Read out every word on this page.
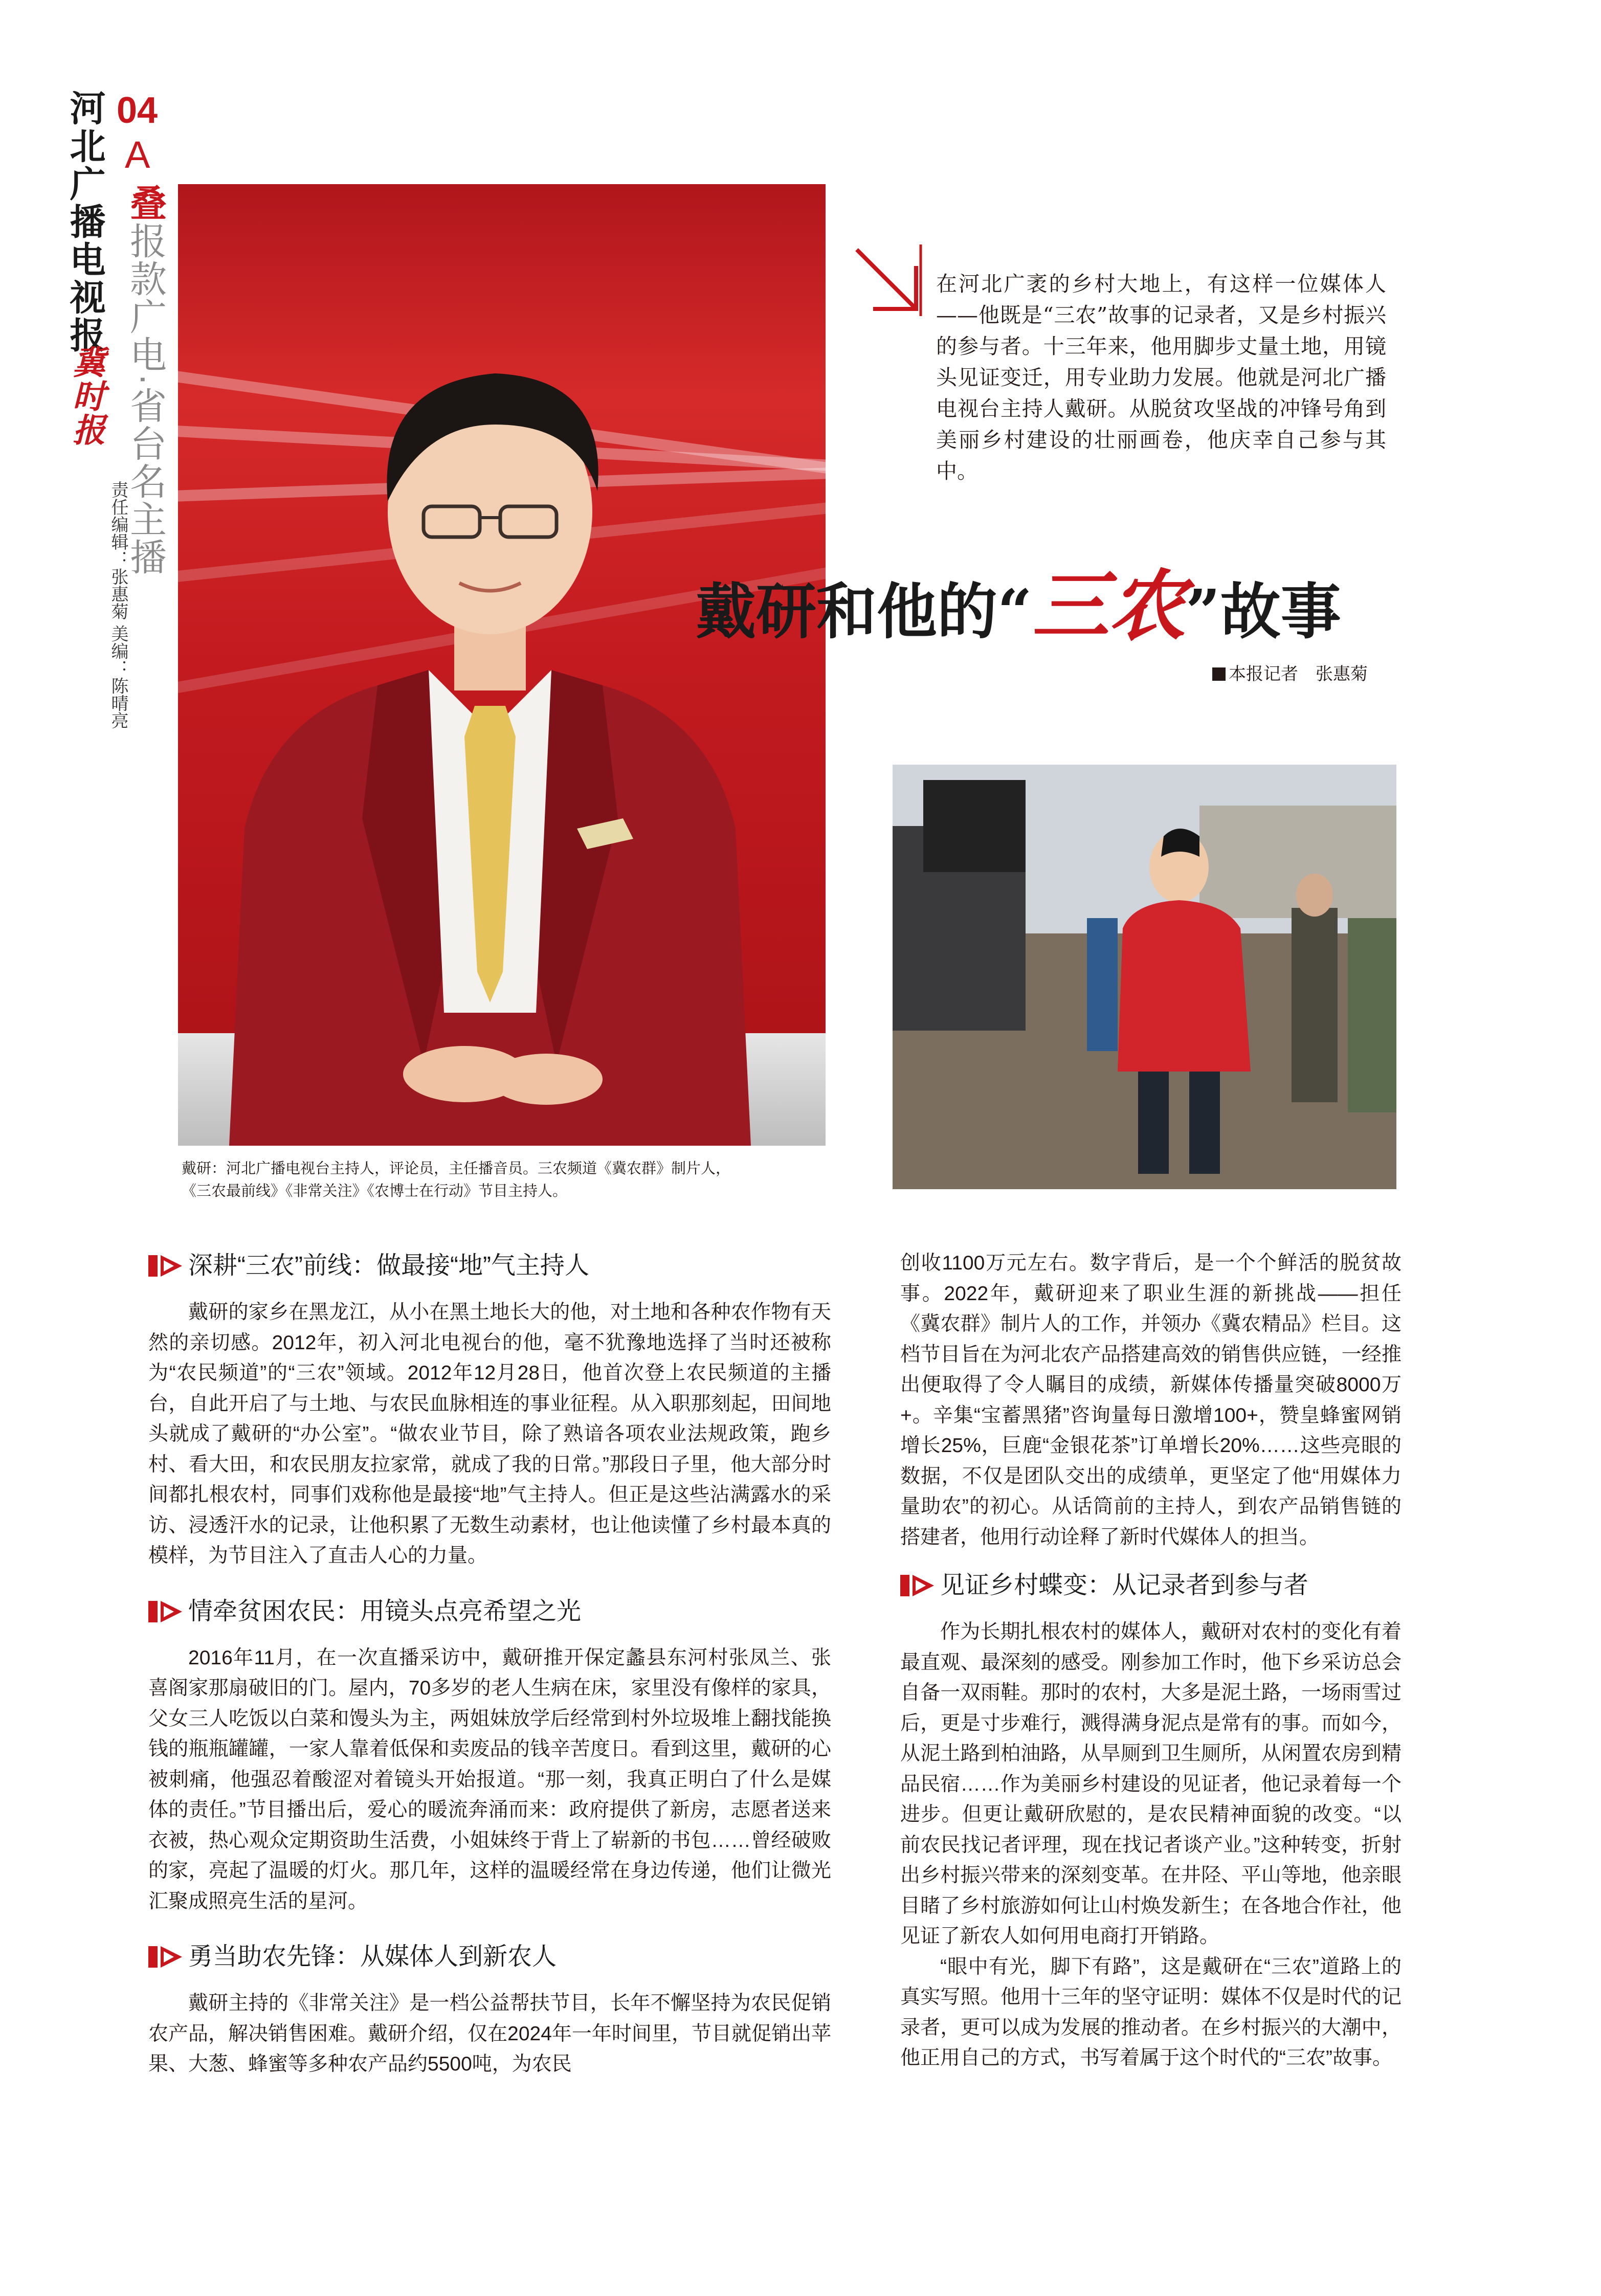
河北广播电视报
冀时报
04
A
叠报款广电·省台名主播
责任编辑：张惠菊 美编：陈晴亮
在河北广袤的乡村大地上，有这样一位媒体人——他既是“三农”故事的记录者，又是乡村振兴的参与者。十三年来，他用脚步丈量土地，用镜头见证变迁，用专业助力发展。他就是河北广播电视台主持人戴研。从脱贫攻坚战的冲锋号角到美丽乡村建设的壮丽画卷，他庆幸自己参与其中。
戴研和他的“三农”故事
本报记者　张惠菊
戴研：河北广播电视台主持人，评论员，主任播音员。三农频道《冀农群》制片人，
《三农最前线》《非常关注》《农博士在行动》节目主持人。
深耕“三农”前线：做最接“地”气主持人

戴研的家乡在黑龙江，从小在黑土地长大的他，对土地和各种农作物有天然的亲切感。2012年，初入河北电视台的他，毫不犹豫地选择了当时还被称为“农民频道”的“三农”领域。2012年12月28日，他首次登上农民频道的主播台，自此开启了与土地、与农民血脉相连的事业征程。从入职那刻起，田间地头就成了戴研的“办公室”。“做农业节目，除了熟谙各项农业法规政策，跑乡村、看大田，和农民朋友拉家常，就成了我的日常。”那段日子里，他大部分时间都扎根农村，同事们戏称他是最接“地”气主持人。但正是这些沾满露水的采访、浸透汗水的记录，让他积累了无数生动素材，也让他读懂了乡村最本真的模样，为节目注入了直击人心的力量。

情牵贫困农民：用镜头点亮希望之光

2016年11月，在一次直播采访中，戴研推开保定蠡县东河村张凤兰、张喜阁家那扇破旧的门。屋内，70多岁的老人生病在床，家里没有像样的家具，父女三人吃饭以白菜和馒头为主，两姐妹放学后经常到村外垃圾堆上翻找能换钱的瓶瓶罐罐，一家人靠着低保和卖废品的钱辛苦度日。看到这里，戴研的心被刺痛，他强忍着酸涩对着镜头开始报道。“那一刻，我真正明白了什么是媒体的责任。”节目播出后，爱心的暖流奔涌而来：政府提供了新房，志愿者送来衣被，热心观众定期资助生活费，小姐妹终于背上了崭新的书包……曾经破败的家，亮起了温暖的灯火。那几年，这样的温暖经常在身边传递，他们让微光汇聚成照亮生活的星河。

勇当助农先锋：从媒体人到新农人

戴研主持的《非常关注》是一档公益帮扶节目，长年不懈坚持为农民促销农产品，解决销售困难。戴研介绍，仅在2024年一年时间里，节目就促销出苹果、大葱、蜂蜜等多种农产品约5500吨，为农民

创收1100万元左右。数字背后，是一个个鲜活的脱贫故事。2022年，戴研迎来了职业生涯的新挑战——担任《冀农群》制片人的工作，并领办《冀农精品》栏目。这档节目旨在为河北农产品搭建高效的销售供应链，一经推出便取得了令人瞩目的成绩，新媒体传播量突破8000万+。辛集“宝蓄黑猪”咨询量每日激增100+，赞皇蜂蜜网销增长25%，巨鹿“金银花茶”订单增长20%……这些亮眼的数据，不仅是团队交出的成绩单，更坚定了他“用媒体力量助农”的初心。从话筒前的主持人，到农产品销售链的搭建者，他用行动诠释了新时代媒体人的担当。

见证乡村蝶变：从记录者到参与者

作为长期扎根农村的媒体人，戴研对农村的变化有着最直观、最深刻的感受。刚参加工作时，他下乡采访总会自备一双雨鞋。那时的农村，大多是泥土路，一场雨雪过后，更是寸步难行，溅得满身泥点是常有的事。而如今，从泥土路到柏油路，从旱厕到卫生厕所，从闲置农房到精品民宿……作为美丽乡村建设的见证者，他记录着每一个进步。但更让戴研欣慰的，是农民精神面貌的改变。“以前农民找记者评理，现在找记者谈产业。”这种转变，折射出乡村振兴带来的深刻变革。在井陉、平山等地，他亲眼目睹了乡村旅游如何让山村焕发新生；在各地合作社，他见证了新农人如何用电商打开销路。

“眼中有光，脚下有路”，这是戴研在“三农”道路上的真实写照。他用十三年的坚守证明：媒体不仅是时代的记录者，更可以成为发展的推动者。在乡村振兴的大潮中，他正用自己的方式，书写着属于这个时代的“三农”故事。
